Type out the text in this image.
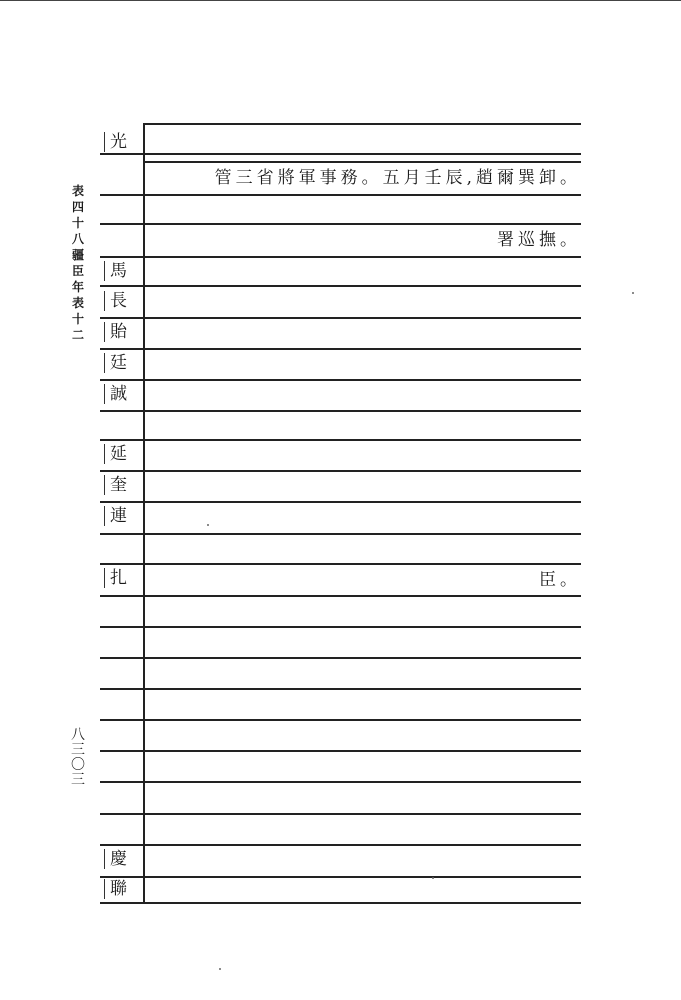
表四十八 疆臣年表十二
八三〇三
光
馬
長
貽
廷
誠
延
奎
連
扎
慶
聯
管三省將軍事務。五月壬辰,趙爾巽卸。
署巡撫。
臣。
